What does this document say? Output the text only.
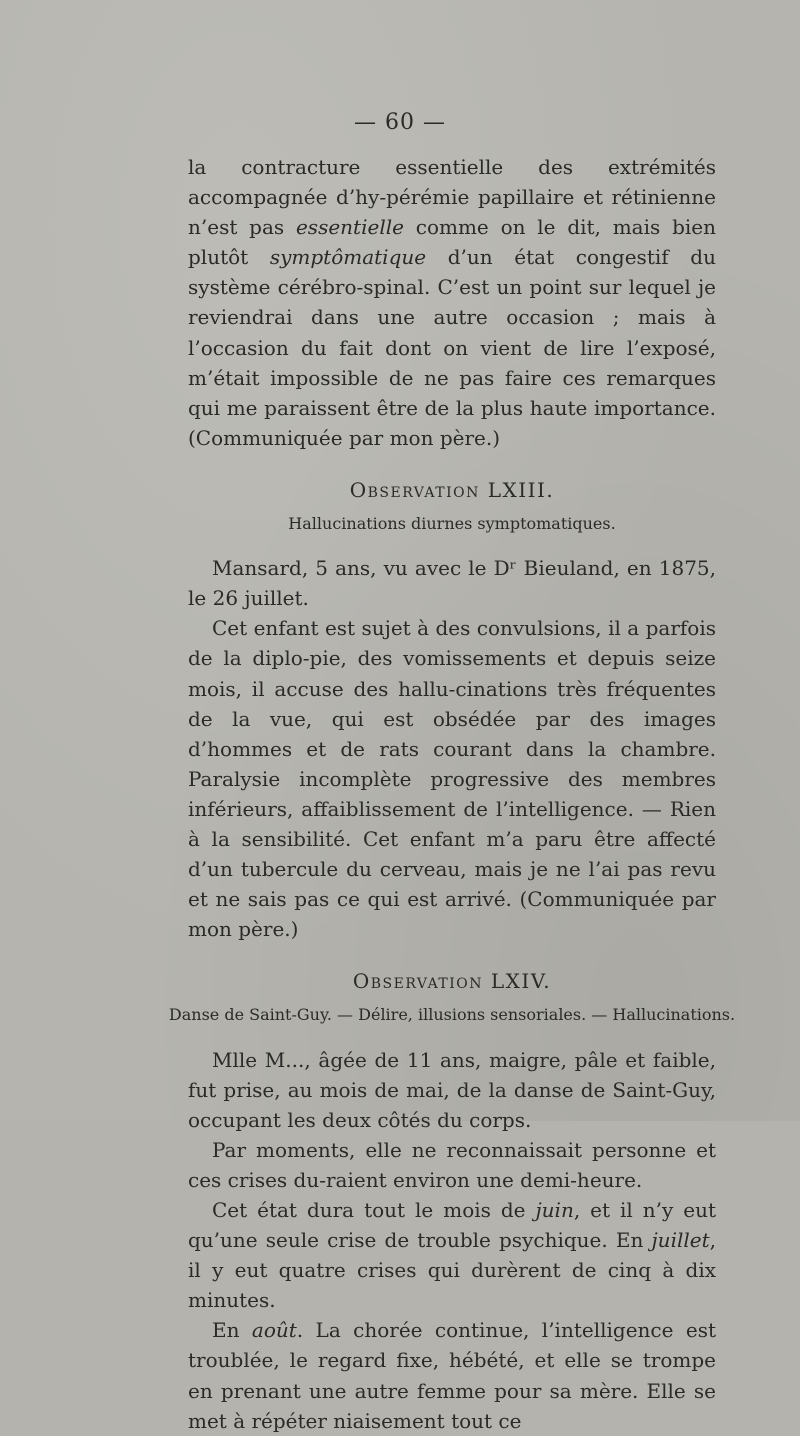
— 60 —

la contracture essentielle des extrémités accompagnée d’hy-pérémie papillaire et rétinienne n’est pas essentielle comme on le dit, mais bien plutôt symptômatique d’un état congestif du système cérébro-spinal. C’est un point sur lequel je reviendrai dans une autre occasion ; mais à l’occasion du fait dont on vient de lire l’exposé, m’était impossible de ne pas faire ces remarques qui me paraissent être de la plus haute importance. (Communiquée par mon père.)

Observation LXIII.
Hallucinations diurnes symptomatiques.

Mansard, 5 ans, vu avec le Dʳ Bieuland, en 1875, le 26 juillet.

Cet enfant est sujet à des convulsions, il a parfois de la diplo-pie, des vomissements et depuis seize mois, il accuse des hallu-cinations très fréquentes de la vue, qui est obsédée par des images d’hommes et de rats courant dans la chambre. Paralysie incomplète progressive des membres inférieurs, affaiblissement de l’intelligence. — Rien à la sensibilité. Cet enfant m’a paru être affecté d’un tubercule du cerveau, mais je ne l’ai pas revu et ne sais pas ce qui est arrivé. (Communiquée par mon père.)

Observation LXIV.
Danse de Saint-Guy. — Délire, illusions sensoriales. — Hallucinations.

Mlle M..., âgée de 11 ans, maigre, pâle et faible, fut prise, au mois de mai, de la danse de Saint-Guy, occupant les deux côtés du corps.

Par moments, elle ne reconnaissait personne et ces crises du-raient environ une demi-heure.

Cet état dura tout le mois de juin, et il n’y eut qu’une seule crise de trouble psychique. En juillet, il y eut quatre crises qui durèrent de cinq à dix minutes.

En août. La chorée continue, l’intelligence est troublée, le regard fixe, hébété, et elle se trompe en prenant une autre femme pour sa mère. Elle se met à répéter niaisement tout ce
